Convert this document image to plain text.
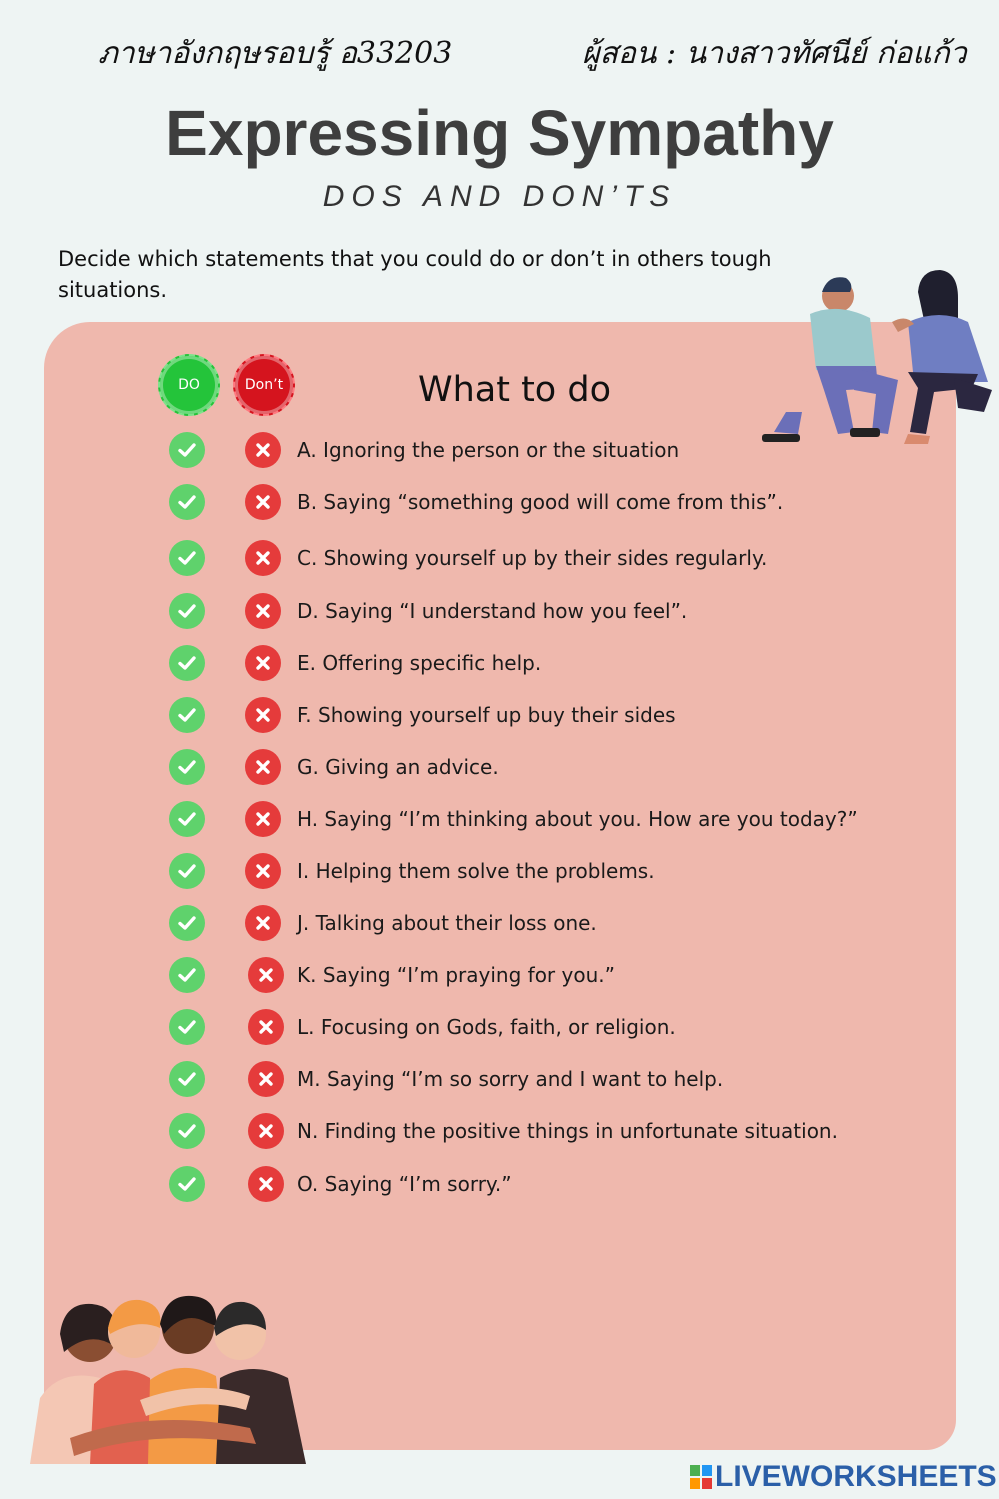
ภาษาอังกฤษรอบรู้ อ33203	ผู้สอน : นางสาวทัศนีย์ ก่อแก้ว
Expressing Sympathy
DOS AND DON’TS
Decide which statements that you could do or don’t in others tough situations.
DO	Don’t	What to do
A. Ignoring the person or the situation
B. Saying “something good will come from this”.
C. Showing yourself up by their sides regularly.
D. Saying “I understand how you feel”.
E. Offering specific help.
F. Showing yourself up buy their sides
G. Giving an advice.
H. Saying “I’m thinking about you. How are you today?”
I. Helping them solve the problems.
J. Talking about their loss one.
K. Saying “I’m praying for you.”
L. Focusing on Gods, faith, or religion.
M. Saying “I’m so sorry and I want to help.
N. Finding the positive things in unfortunate situation.
O. Saying “I’m sorry.”
LIVEWORKSHEETS
